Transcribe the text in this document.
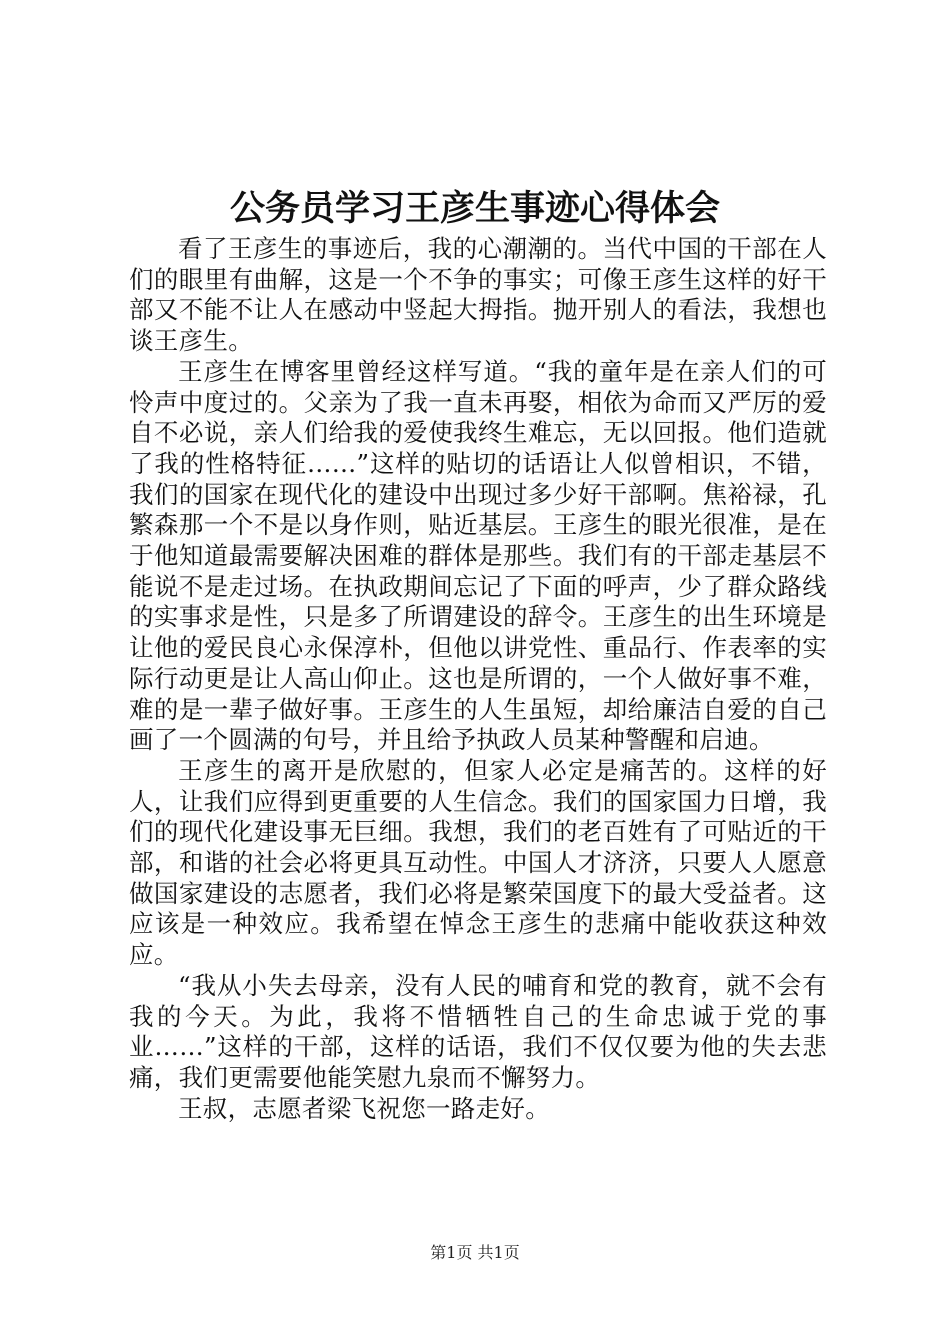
公务员学习王彦生事迹心得体会

看了王彦生的事迹后，我的心潮潮的。当代中国的干部在人们的眼里有曲解，这是一个不争的事实；可像王彦生这样的好干部又不能不让人在感动中竖起大拇指。抛开别人的看法，我想也谈王彦生。

王彦生在博客里曾经这样写道。“我的童年是在亲人们的可怜声中度过的。父亲为了我一直未再娶，相依为命而又严厉的爱自不必说，亲人们给我的爱使我终生难忘，无以回报。他们造就了我的性格特征……”这样的贴切的话语让人似曾相识，不错，我们的国家在现代化的建设中出现过多少好干部啊。焦裕禄，孔繁森那一个不是以身作则，贴近基层。王彦生的眼光很准，是在于他知道最需要解决困难的群体是那些。我们有的干部走基层不能说不是走过场。在执政期间忘记了下面的呼声，少了群众路线的实事求是性，只是多了所谓建设的辞令。王彦生的出生环境是让他的爱民良心永保淳朴，但他以讲党性、重品行、作表率的实际行动更是让人高山仰止。这也是所谓的，一个人做好事不难，难的是一辈子做好事。王彦生的人生虽短，却给廉洁自爱的自己画了一个圆满的句号，并且给予执政人员某种警醒和启迪。

王彦生的离开是欣慰的，但家人必定是痛苦的。这样的好人，让我们应得到更重要的人生信念。我们的国家国力日增，我们的现代化建设事无巨细。我想，我们的老百姓有了可贴近的干部，和谐的社会必将更具互动性。中国人才济济，只要人人愿意做国家建设的志愿者，我们必将是繁荣国度下的最大受益者。这应该是一种效应。我希望在悼念王彦生的悲痛中能收获这种效应。

“我从小失去母亲，没有人民的哺育和党的教育，就不会有我的今天。为此，我将不惜牺牲自己的生命忠诚于党的事业……”这样的干部，这样的话语，我们不仅仅要为他的失去悲痛，我们更需要他能笑慰九泉而不懈努力。

王叔，志愿者梁飞祝您一路走好。

第1页 共1页
